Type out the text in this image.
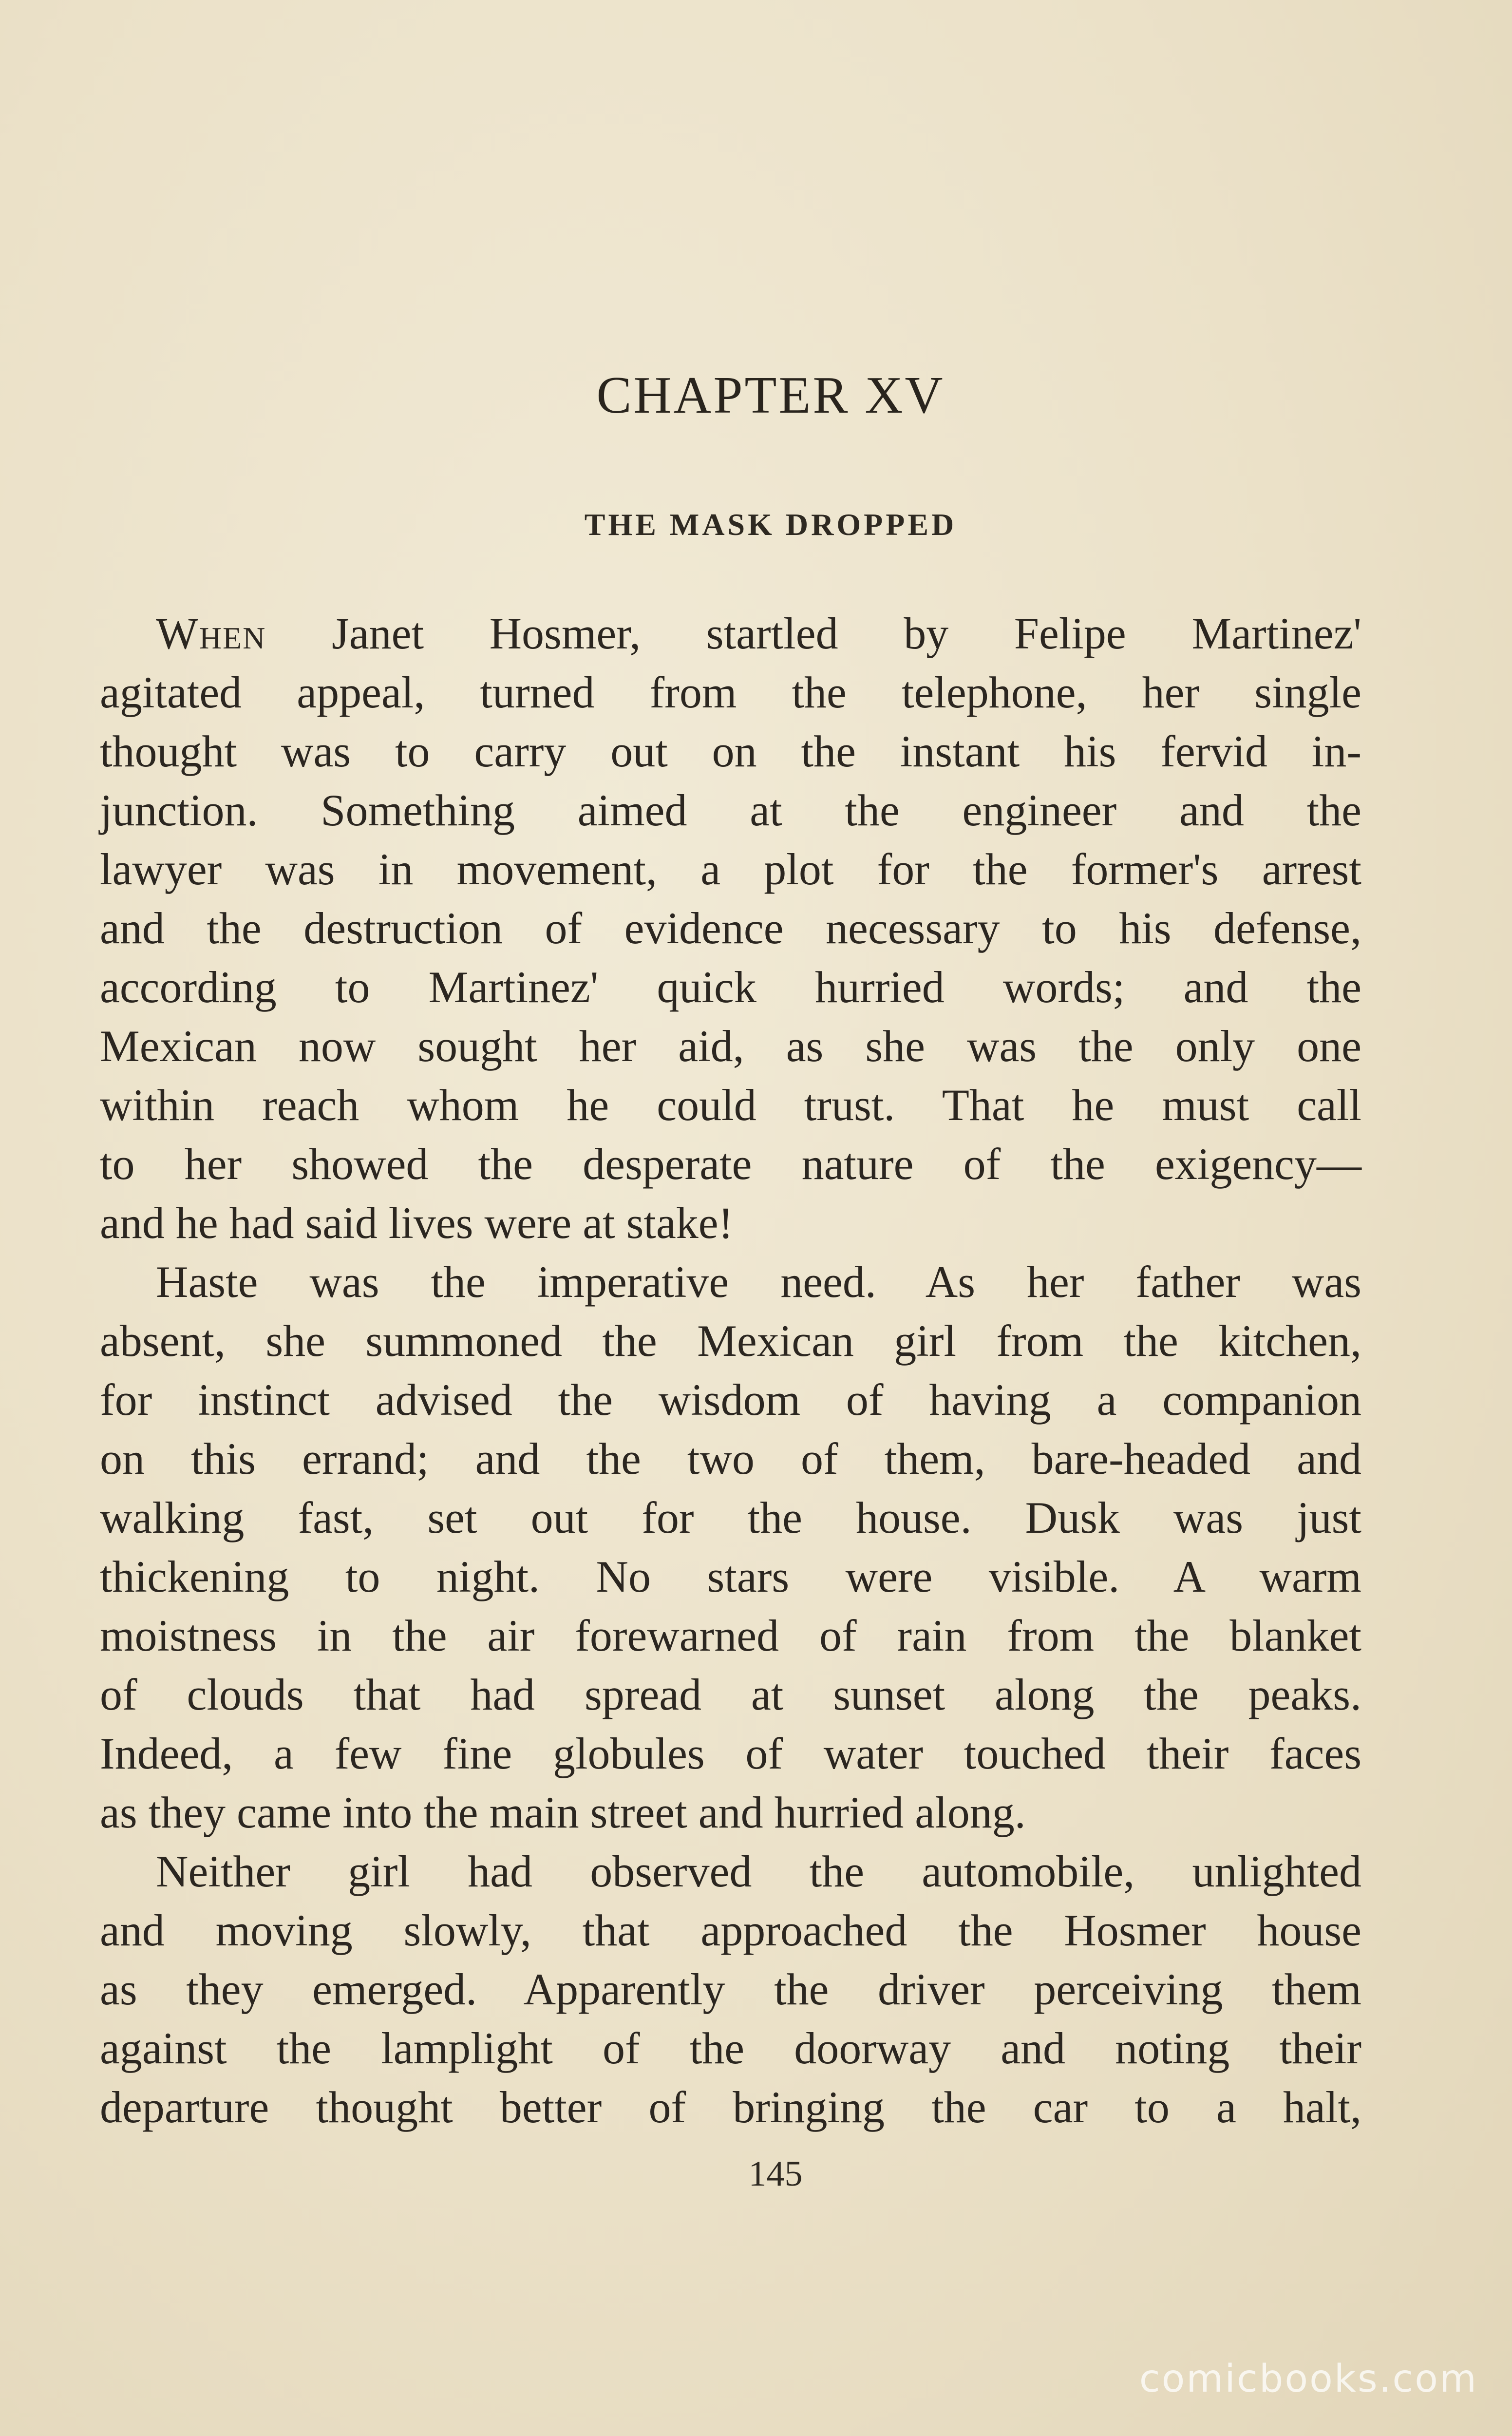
CHAPTER XV
THE MASK DROPPED
When Janet Hosmer, startled by Felipe Martinez'
agitated appeal, turned from the telephone, her single
thought was to carry out on the instant his fervid in-
junction. Something aimed at the engineer and the
lawyer was in movement, a plot for the former's arrest
and the destruction of evidence necessary to his defense,
according to Martinez' quick hurried words; and the
Mexican now sought her aid, as she was the only one
within reach whom he could trust. That he must call
to her showed the desperate nature of the exigency—
and he had said lives were at stake!
Haste was the imperative need. As her father was
absent, she summoned the Mexican girl from the kitchen,
for instinct advised the wisdom of having a companion
on this errand; and the two of them, bare-headed and
walking fast, set out for the house. Dusk was just
thickening to night. No stars were visible. A warm
moistness in the air forewarned of rain from the blanket
of clouds that had spread at sunset along the peaks.
Indeed, a few fine globules of water touched their faces
as they came into the main street and hurried along.
Neither girl had observed the automobile, unlighted
and moving slowly, that approached the Hosmer house
as they emerged. Apparently the driver perceiving them
against the lamplight of the doorway and noting their
departure thought better of bringing the car to a halt,
145
comicbooks.com
